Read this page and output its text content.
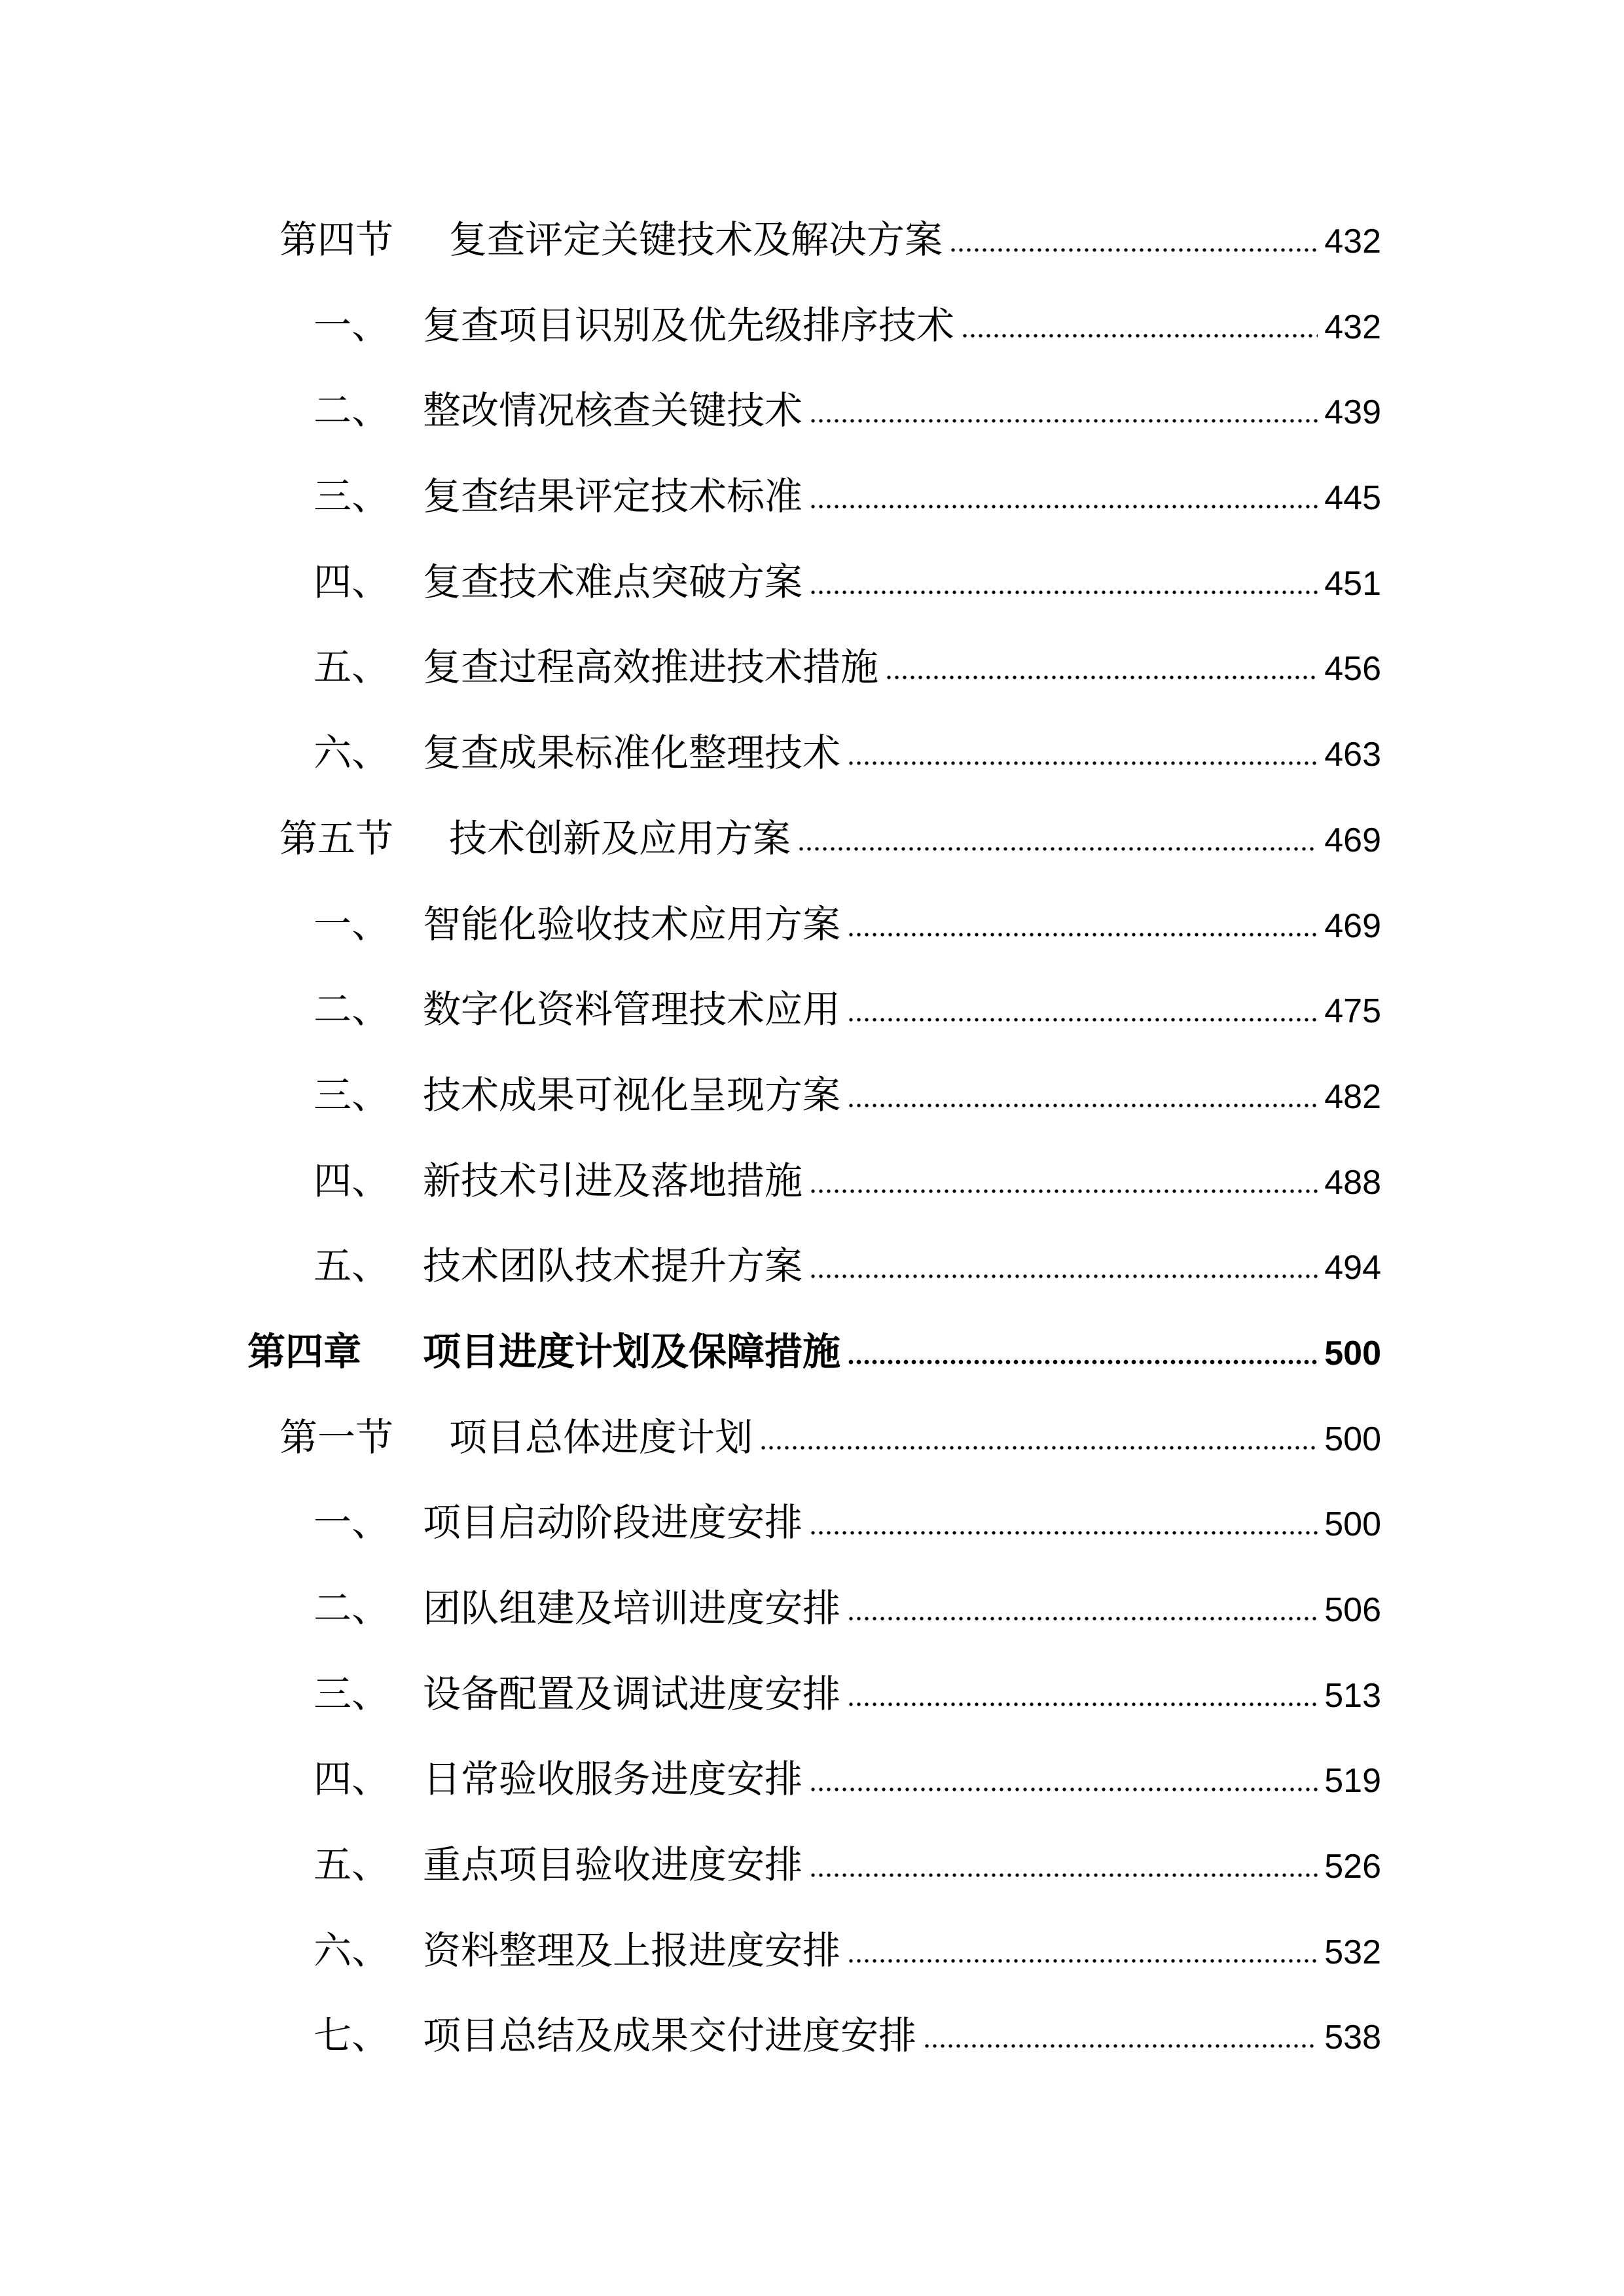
第四节	复查评定关键技术及解决方案	432
一、 复查项目识别及优先级排序技术	432
二、 整改情况核查关键技术	439
三、 复查结果评定技术标准	445
四、 复查技术难点突破方案	451
五、 复查过程高效推进技术措施	456
六、 复查成果标准化整理技术	463
第五节	技术创新及应用方案	469
一、 智能化验收技术应用方案	469
二、 数字化资料管理技术应用	475
三、 技术成果可视化呈现方案	482
四、 新技术引进及落地措施	488
五、 技术团队技术提升方案	494
第四章	项目进度计划及保障措施	500
第一节	项目总体进度计划	500
一、 项目启动阶段进度安排	500
二、 团队组建及培训进度安排	506
三、 设备配置及调试进度安排	513
四、 日常验收服务进度安排	519
五、 重点项目验收进度安排	526
六、 资料整理及上报进度安排	532
七、 项目总结及成果交付进度安排	538
